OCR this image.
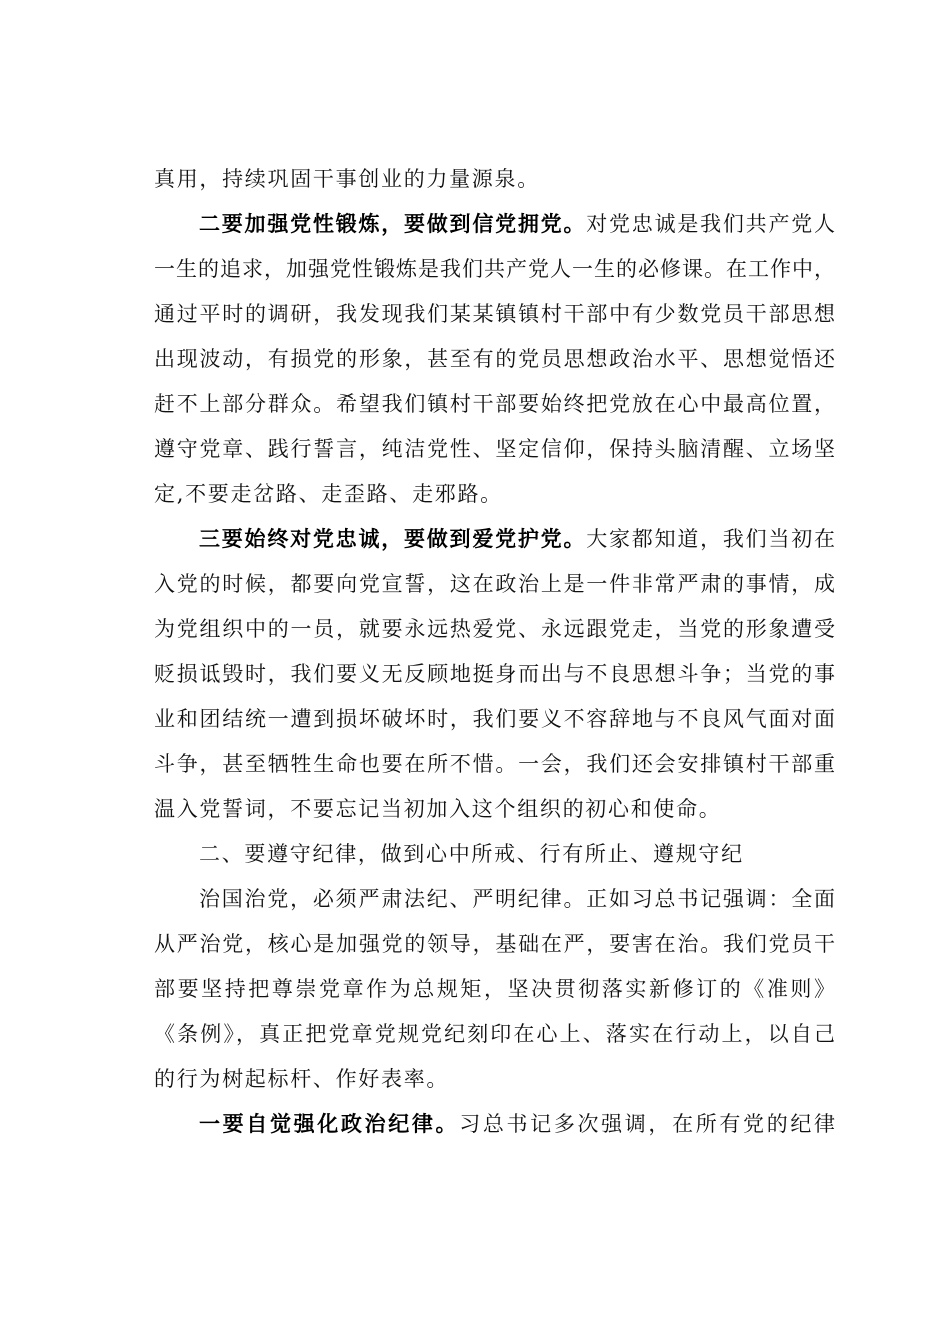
真用，持续巩固干事创业的力量源泉。
二要加强党性锻炼，要做到信党拥党。对党忠诚是我们共产党人
一生的追求，加强党性锻炼是我们共产党人一生的必修课。在工作中，
通过平时的调研，我发现我们某某镇镇村干部中有少数党员干部思想
出现波动，有损党的形象，甚至有的党员思想政治水平、思想觉悟还
赶不上部分群众。希望我们镇村干部要始终把党放在心中最高位置，
遵守党章、践行誓言，纯洁党性、坚定信仰，保持头脑清醒、立场坚
定,不要走岔路、走歪路、走邪路。
三要始终对党忠诚，要做到爱党护党。大家都知道，我们当初在
入党的时候，都要向党宣誓，这在政治上是一件非常严肃的事情，成
为党组织中的一员，就要永远热爱党、永远跟党走，当党的形象遭受
贬损诋毁时，我们要义无反顾地挺身而出与不良思想斗争；当党的事
业和团结统一遭到损坏破坏时，我们要义不容辞地与不良风气面对面
斗争，甚至牺牲生命也要在所不惜。一会，我们还会安排镇村干部重
温入党誓词，不要忘记当初加入这个组织的初心和使命。
二、要遵守纪律，做到心中所戒、行有所止、遵规守纪
治国治党，必须严肃法纪、严明纪律。正如习总书记强调：全面
从严治党，核心是加强党的领导，基础在严，要害在治。我们党员干
部要坚持把尊崇党章作为总规矩，坚决贯彻落实新修订的《准则》
《条例》，真正把党章党规党纪刻印在心上、落实在行动上，以自己
的行为树起标杆、作好表率。
一要自觉强化政治纪律。习总书记多次强调，在所有党的纪律
